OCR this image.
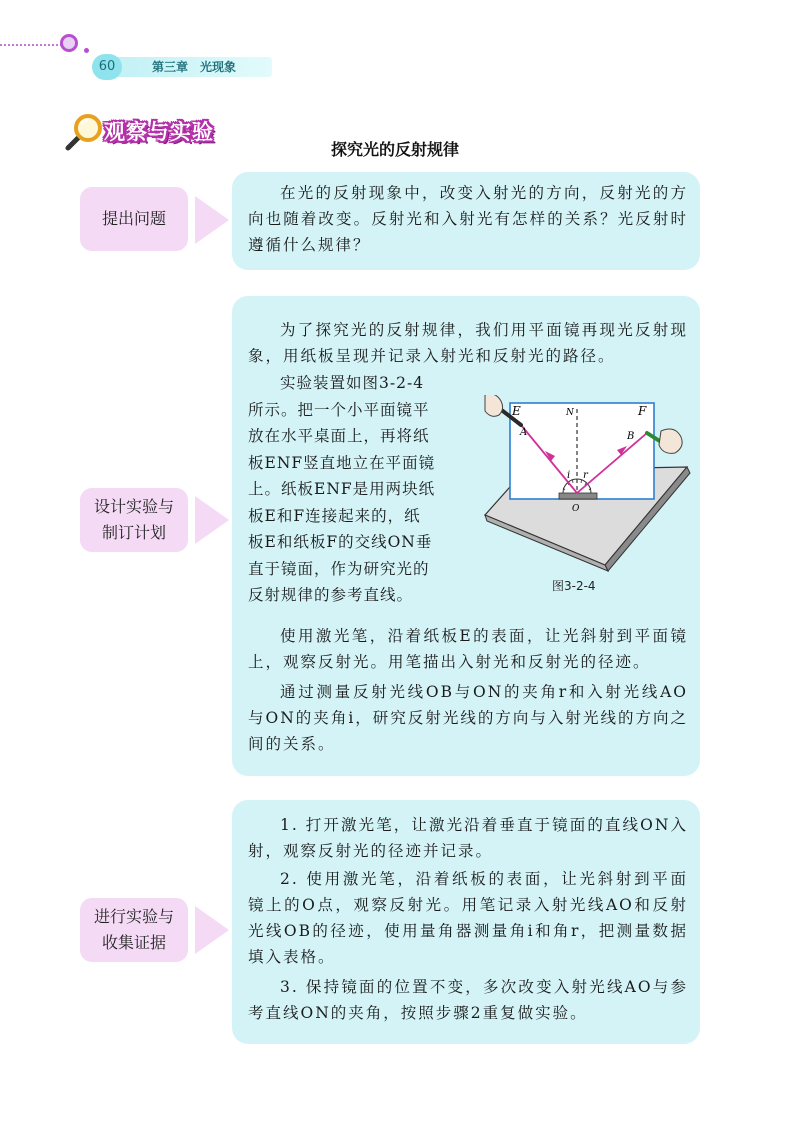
60	第三章　光现象
观察与实验
探究光的反射规律
提出问题
在光的反射现象中，改变入射光的方向，反射光的方向也随着改变。反射光和入射光有怎样的关系？光反射时遵循什么规律？
设计实验与
制订计划
为了探究光的反射规律，我们用平面镜再现光反射现象，用纸板呈现并记录入射光和反射光的路径。
实验装置如图3-2-4
所示。把一个小平面镜平
放在水平桌面上，再将纸
板ENF竖直地立在平面镜
上。纸板ENF是用两块纸
板E和F连接起来的，纸
板E和纸板F的交线ON垂
直于镜面，作为研究光的
反射规律的参考直线。
E	N	F
A	B
i r
O
图3-2-4
使用激光笔，沿着纸板E的表面，让光斜射到平面镜上，观察反射光。用笔描出入射光和反射光的径迹。
通过测量反射光线OB与ON的夹角r和入射光线AO与ON的夹角i，研究反射光线的方向与入射光线的方向之间的关系。
进行实验与
收集证据
1. 打开激光笔，让激光沿着垂直于镜面的直线ON入射，观察反射光的径迹并记录。
2. 使用激光笔，沿着纸板的表面，让光斜射到平面镜上的O点，观察反射光。用笔记录入射光线AO和反射光线OB的径迹，使用量角器测量角i和角r，把测量数据填入表格。
3. 保持镜面的位置不变，多次改变入射光线AO与参考直线ON的夹角，按照步骤2重复做实验。
